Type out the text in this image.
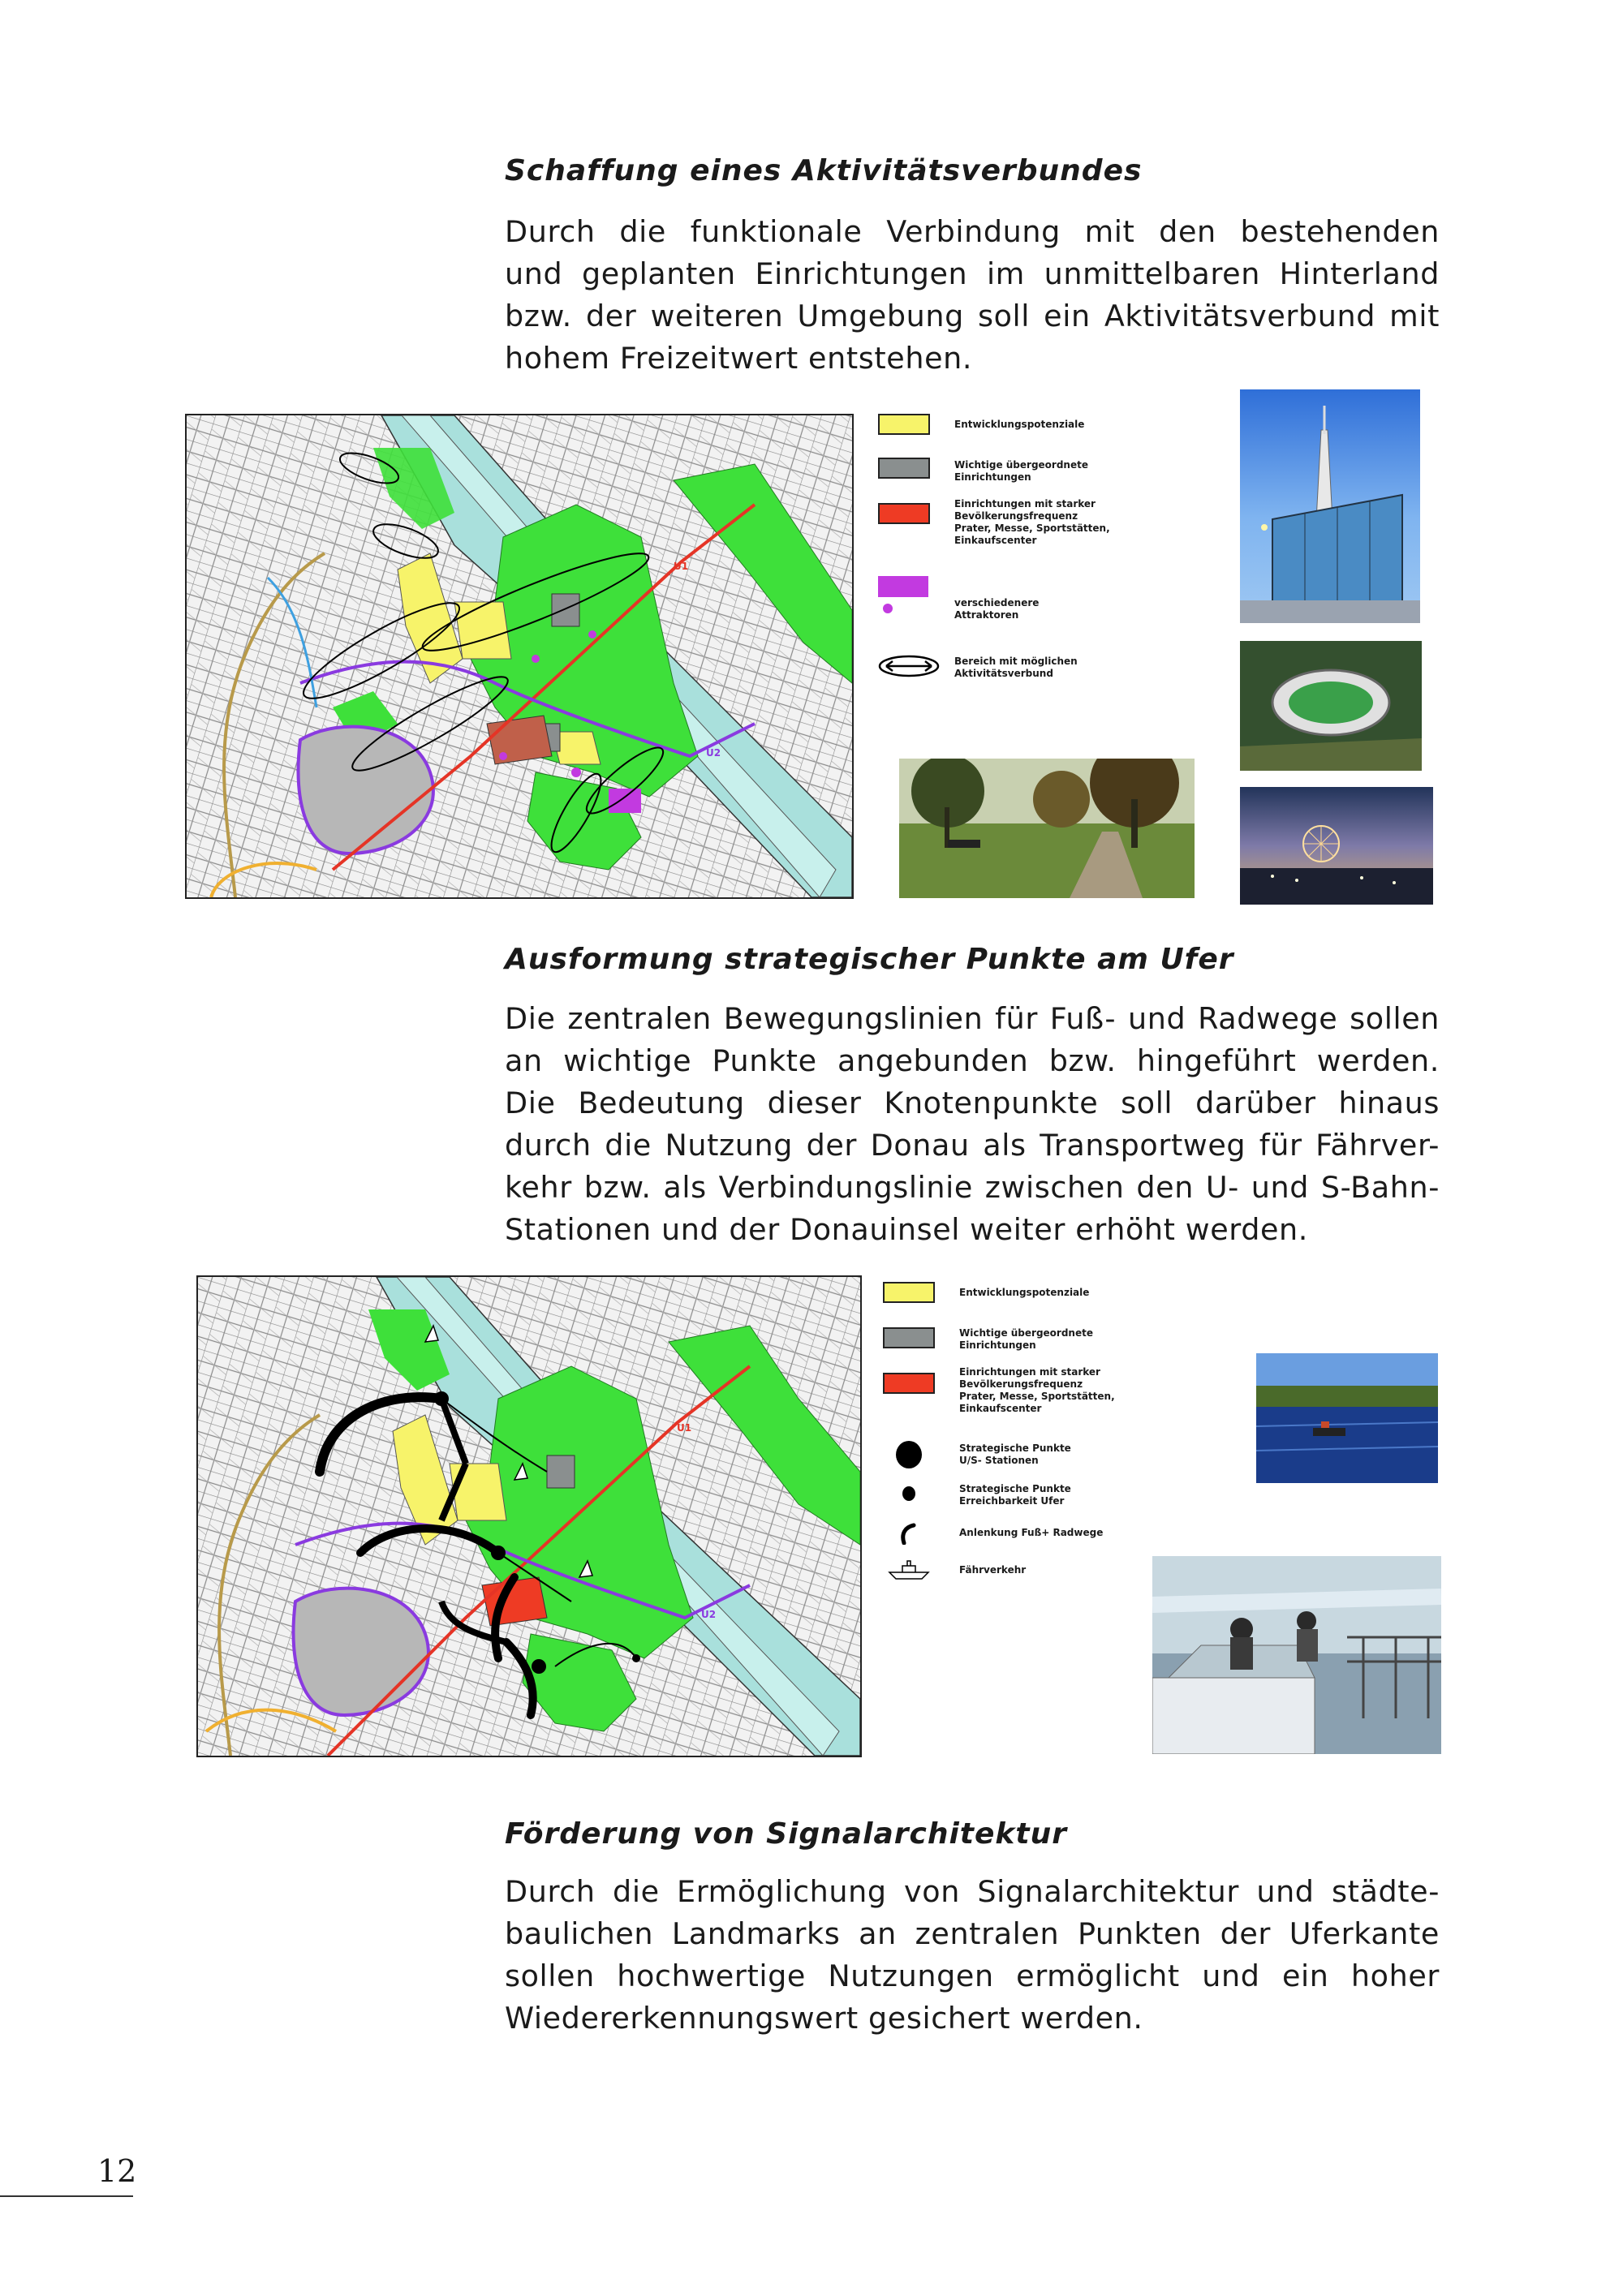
Schaffung eines Aktivitätsverbundes
Durch die funktionale Verbindung mit den bestehenden
und geplanten Einrichtungen im unmittelbaren Hinterland
bzw. der weiteren Umgebung soll ein Aktivitätsverbund mit
hohem Freizeitwert entstehen.
U1
U2
Entwicklungspotenziale
Wichtige übergeordnete
Einrichtungen
Einrichtungen mit starker
Bevölkerungsfrequenz
Prater, Messe, Sportstätten,
Einkaufscenter
verschiedenere
Attraktoren
Bereich mit möglichen
Aktivitätsverbund
Ausformung strategischer Punkte am Ufer
Die zentralen Bewegungslinien für Fuß- und Radwege sollen
an wichtige Punkte angebunden bzw. hingeführt werden.
Die Bedeutung dieser Knotenpunkte soll darüber hinaus
durch die Nutzung der Donau als Transportweg für Fährver-
kehr bzw. als Verbindungslinie zwischen den U- und S-Bahn-
Stationen und der Donauinsel weiter erhöht werden.
U1
U2
Entwicklungspotenziale
Wichtige übergeordnete
Einrichtungen
Einrichtungen mit starker
Bevölkerungsfrequenz
Prater, Messe, Sportstätten,
Einkaufscenter
Strategische Punkte
U/S- Stationen
Strategische Punkte
Erreichbarkeit Ufer
Anlenkung Fuß+ Radwege
Fährverkehr
Förderung von Signalarchitektur
Durch die Ermöglichung von Signalarchitektur und städte-
baulichen Landmarks an zentralen Punkten der Uferkante
sollen hochwertige Nutzungen ermöglicht und ein hoher
Wiedererkennungswert gesichert werden.
12
